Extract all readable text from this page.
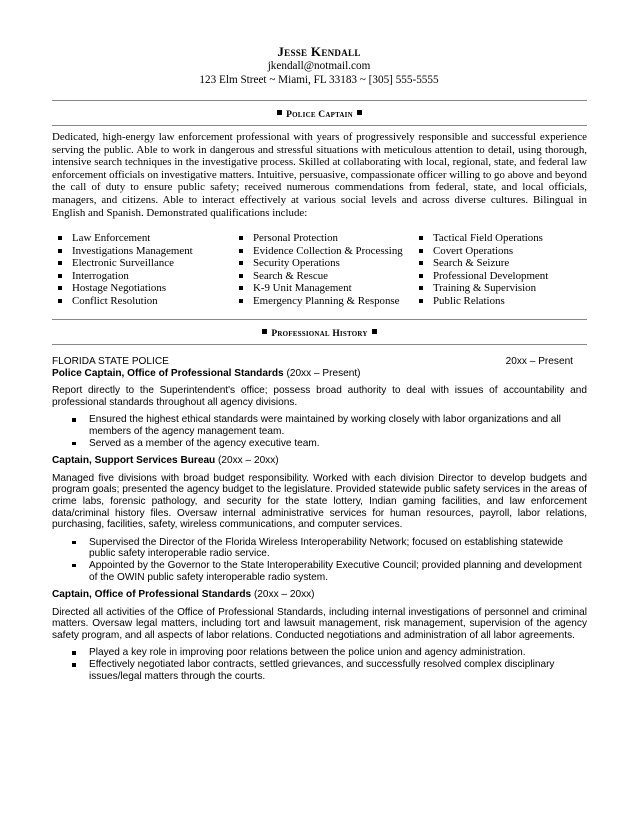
Jesse Kendall
jkendall@notmail.com
123 Elm Street ~ Miami, FL 33183 ~ [305] 555-5555
Police Captain
Dedicated, high-energy law enforcement professional with years of progressively responsible and successful experience serving the public. Able to work in dangerous and stressful situations with meticulous attention to detail, using thorough, intensive search techniques in the investigative process. Skilled at collaborating with local, regional, state, and federal law enforcement officials on investigative matters. Intuitive, persuasive, compassionate officer willing to go above and beyond the call of duty to ensure public safety; received numerous commendations from federal, state, and local officials, managers, and citizens. Able to interact effectively at various social levels and across diverse cultures. Bilingual in English and Spanish. Demonstrated qualifications include:
Law Enforcement
Investigations Management
Electronic Surveillance
Interrogation
Hostage Negotiations
Conflict Resolution
Personal Protection
Evidence Collection & Processing
Security Operations
Search & Rescue
K-9 Unit Management
Emergency Planning & Response
Tactical Field Operations
Covert Operations
Search & Seizure
Professional Development
Training & Supervision
Public Relations
Professional History
FLORIDA STATE POLICE	20xx – Present
Police Captain, Office of Professional Standards (20xx – Present)

Report directly to the Superintendent's office; possess broad authority to deal with issues of accountability and professional standards throughout all agency divisions.

Ensured the highest ethical standards were maintained by working closely with labor organizations and all members of the agency management team.
Served as a member of the agency executive team.
Captain, Support Services Bureau (20xx – 20xx)

Managed five divisions with broad budget responsibility. Worked with each division Director to develop budgets and program goals; presented the agency budget to the legislature. Provided statewide public safety services in the areas of crime labs, forensic pathology, and security for the state lottery, Indian gaming facilities, and law enforcement data/criminal history files. Oversaw internal administrative services for human resources, payroll, labor relations, purchasing, facilities, safety, wireless communications, and computer services.

Supervised the Director of the Florida Wireless Interoperability Network; focused on establishing statewide public safety interoperable radio service.
Appointed by the Governor to the State Interoperability Executive Council; provided planning and development of the OWIN public safety interoperable radio system.
Captain, Office of Professional Standards (20xx – 20xx)

Directed all activities of the Office of Professional Standards, including internal investigations of personnel and criminal matters. Oversaw legal matters, including tort and lawsuit management, risk management, supervision of the agency safety program, and all aspects of labor relations. Conducted negotiations and administration of all labor agreements.

Played a key role in improving poor relations between the police union and agency administration.
Effectively negotiated labor contracts, settled grievances, and successfully resolved complex disciplinary issues/legal matters through the courts.
